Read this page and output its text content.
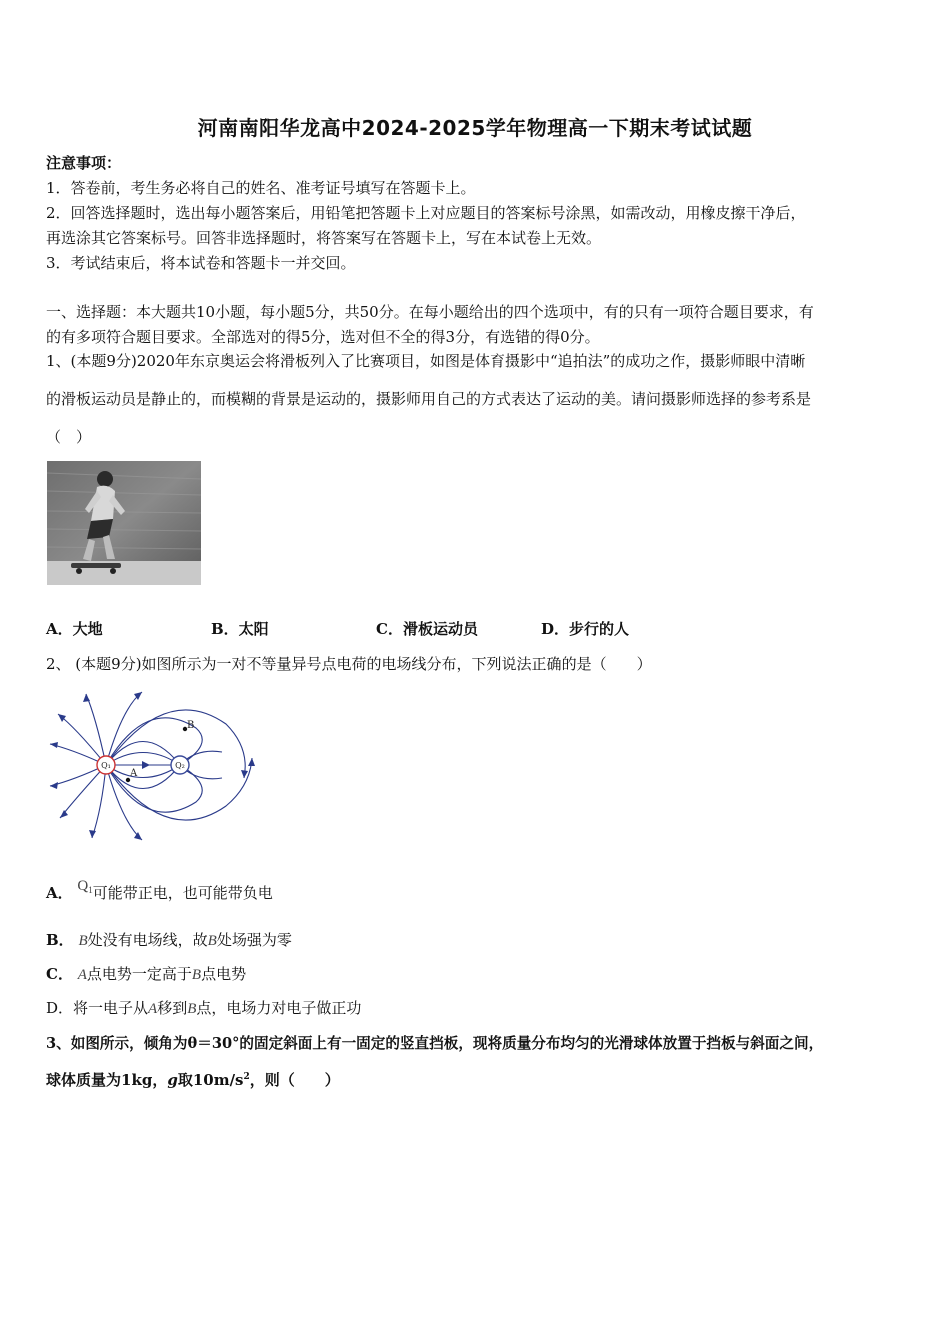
河南南阳华龙高中2024-2025学年物理高一下期末考试试题
注意事项：
1．答卷前，考生务必将自己的姓名、准考证号填写在答题卡上。
2．回答选择题时，选出每小题答案后，用铅笔把答题卡上对应题目的答案标号涂黑，如需改动，用橡皮擦干净后，
再选涂其它答案标号。回答非选择题时，将答案写在答题卡上，写在本试卷上无效。
3．考试结束后，将本试卷和答题卡一并交回。
一、选择题：本大题共10小题，每小题5分，共50分。在每小题给出的四个选项中，有的只有一项符合题目要求，有
的有多项符合题目要求。全部选对的得5分，选对但不全的得3分，有选错的得0分。
1、(本题9分)2020年东京奥运会将滑板列入了比赛项目，如图是体育摄影中“追拍法”的成功之作，摄影师眼中清晰
的滑板运动员是静止的，而模糊的背景是运动的，摄影师用自己的方式表达了运动的美。请问摄影师选择的参考系是
（　）
A．大地	B．太阳	C．滑板运动员	D．步行的人
2、 (本题9分)如图所示为一对不等量异号点电荷的电场线分布，下列说法正确的是（　　）
Q₁	Q₂
A
B
A． $Q_1$可能带正电，也可能带负电
B． B处没有电场线，故B处场强为零
C． A点电势一定高于B点电势
D．将一电子从A移到B点，电场力对电子做正功
3、如图所示，倾角为θ＝30°的固定斜面上有一固定的竖直挡板，现将质量分布均匀的光滑球体放置于挡板与斜面之间，
球体质量为1kg，g取$10m/s^2$，则（　　）
